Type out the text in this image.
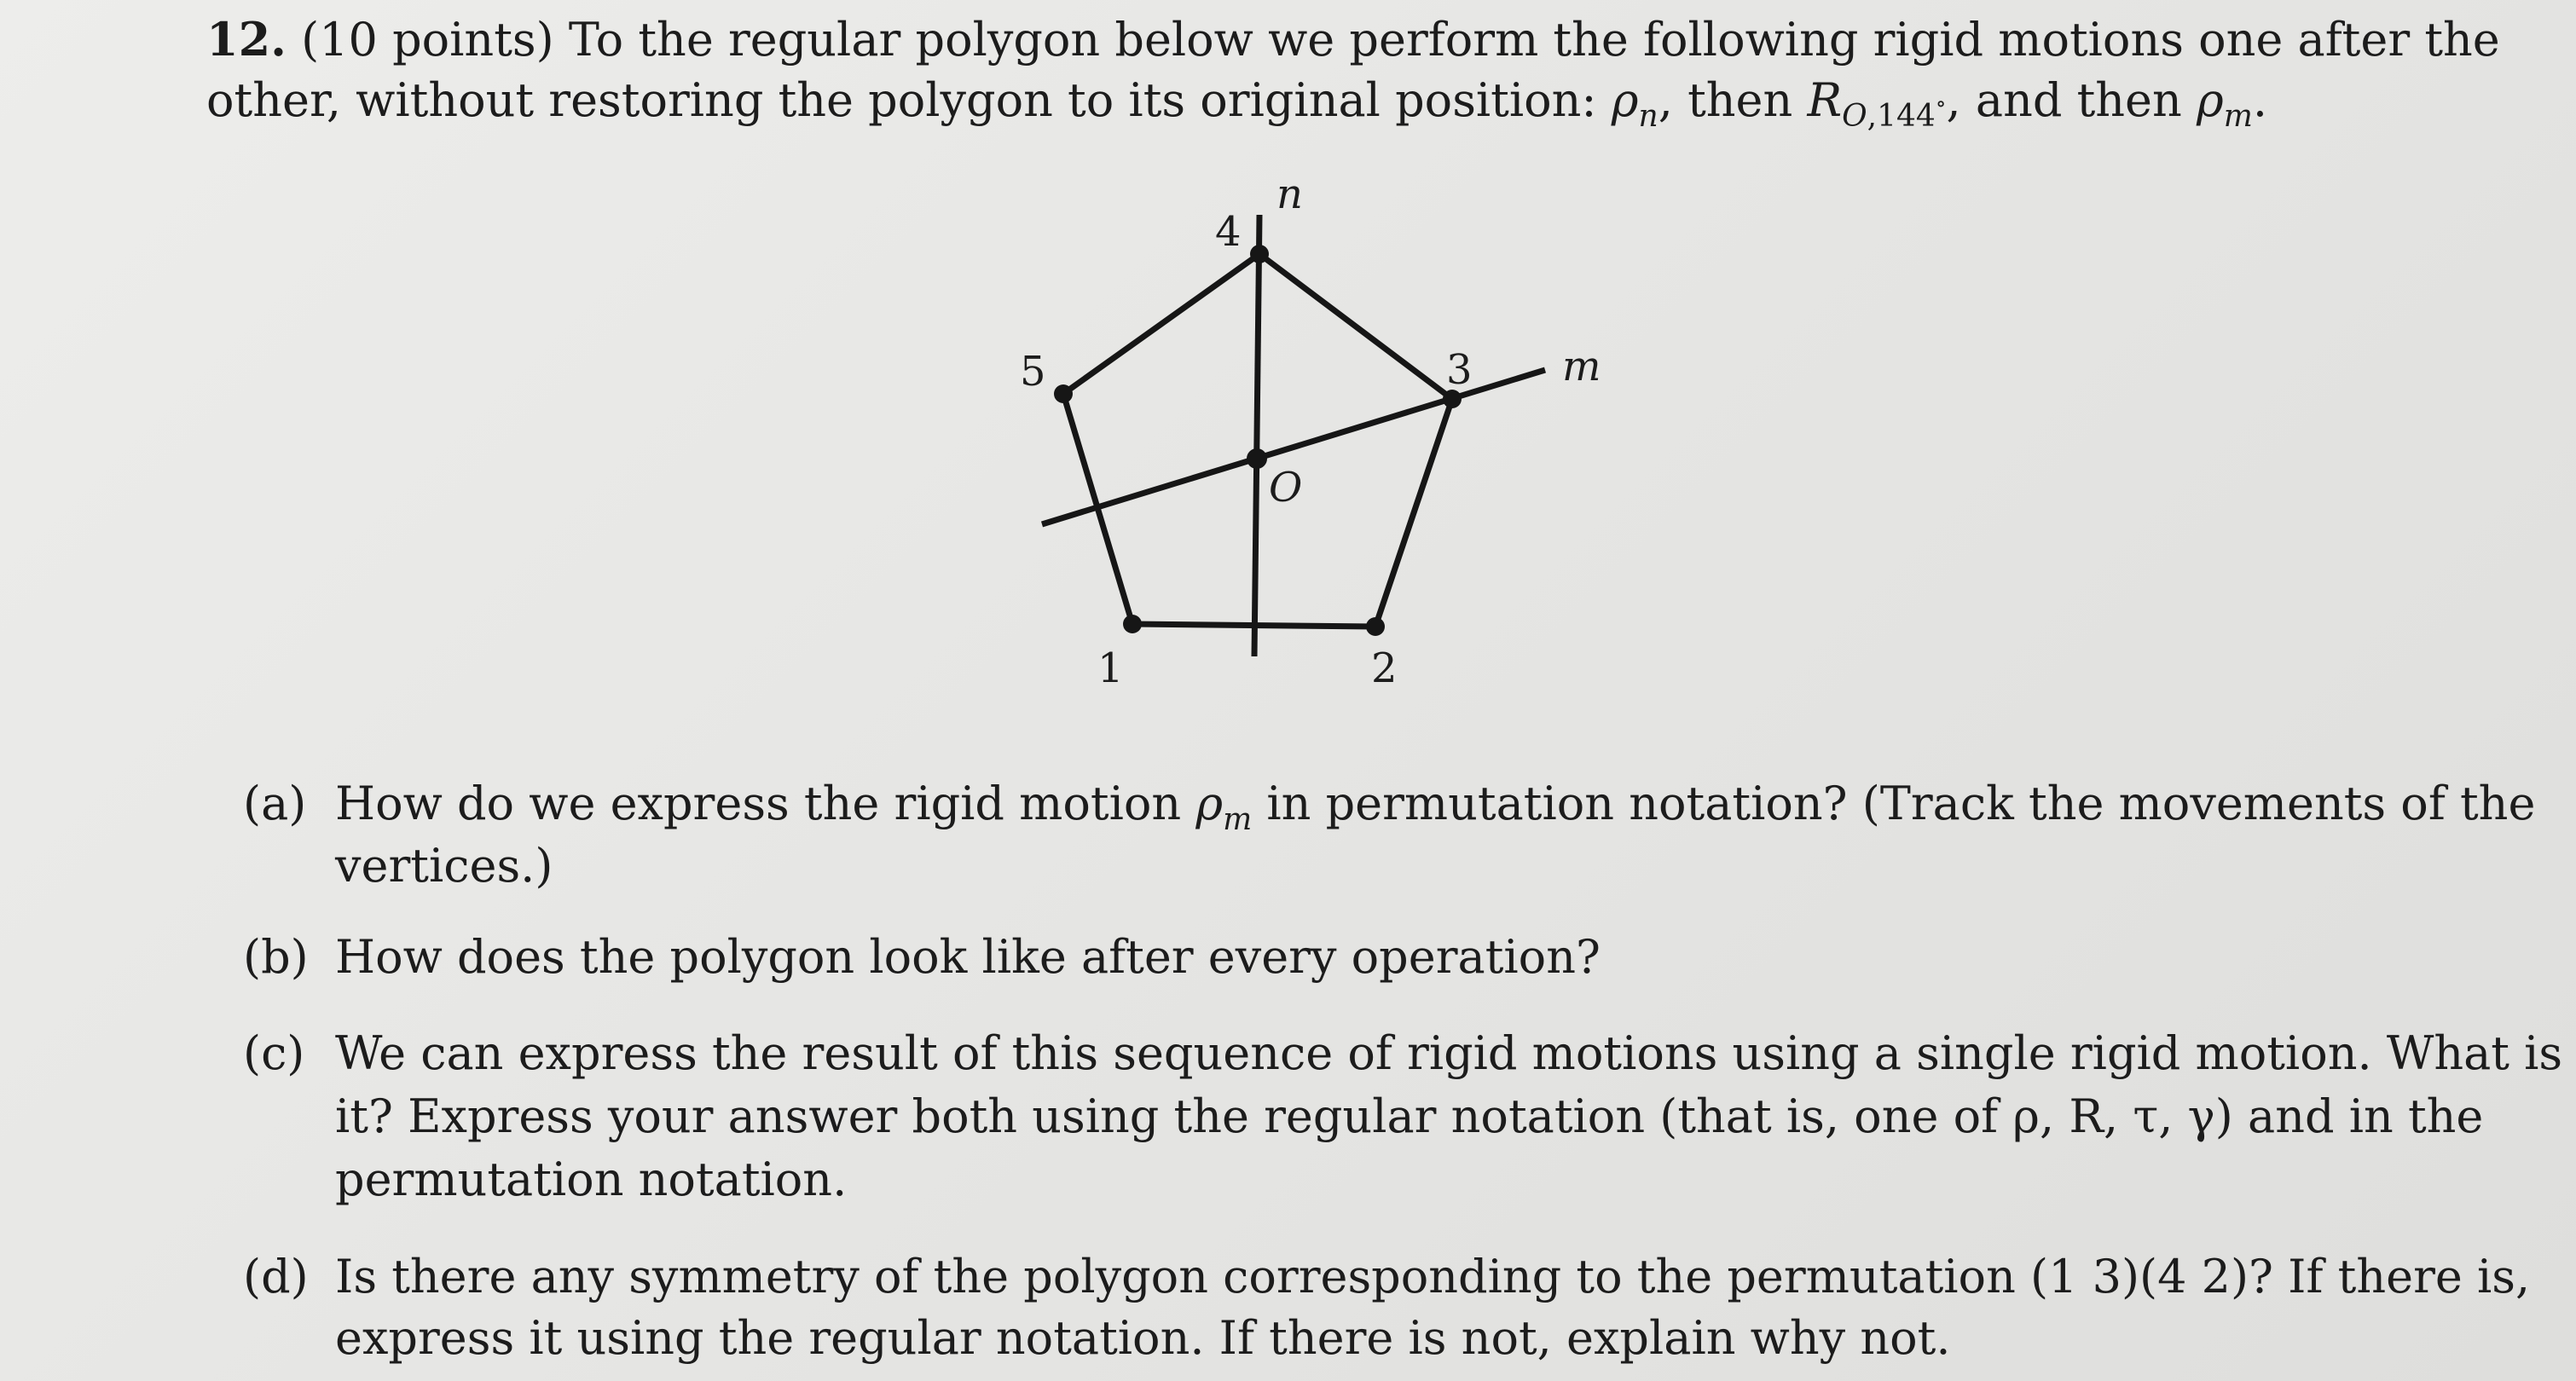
12. (10 points) To the regular polygon below we perform the following rigid motions one after the
other, without restoring the polygon to its original position: $\rho_n$, then $R_{O,144^\circ}$, and then $\rho_m$.
1	2
3
4
5
O
n
m
(a) How do we express the rigid motion $\rho_m$ in permutation notation? (Track the movements of the
vertices.)
(b) How does the polygon look like after every operation?
(c) We can express the result of this sequence of rigid motions using a single rigid motion. What is
it? Express your answer both using the regular notation (that is, one of ρ, R, τ, γ) and in the
permutation notation.
(d) Is there any symmetry of the polygon corresponding to the permutation (1 3)(4 2)? If there is,
express it using the regular notation. If there is not, explain why not.
